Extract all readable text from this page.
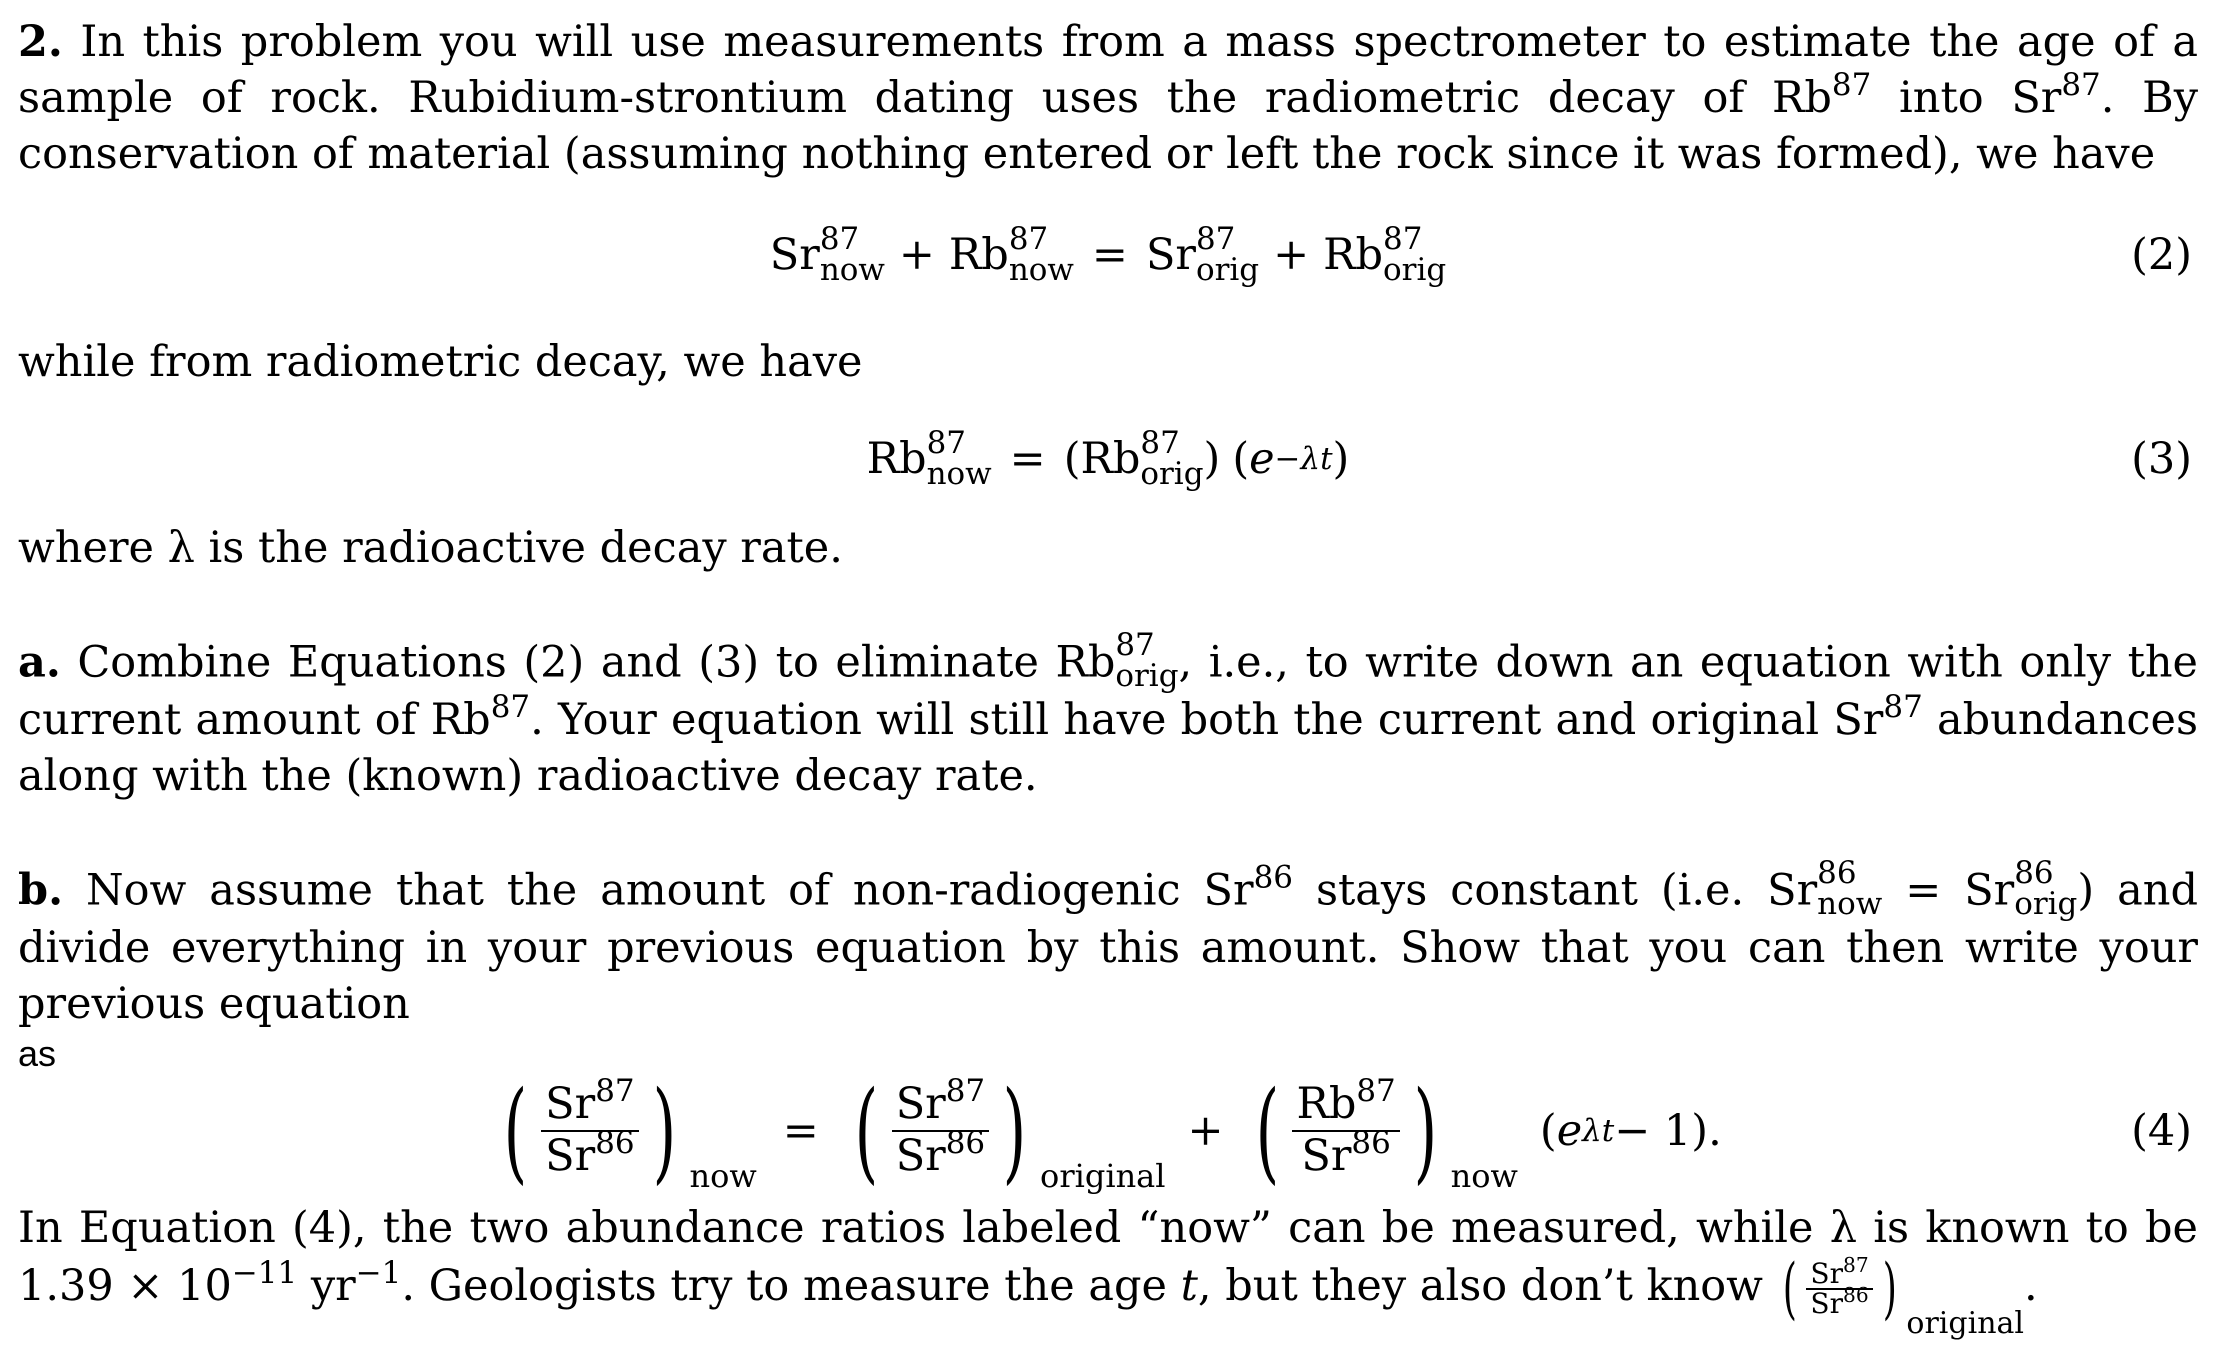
2. In this problem you will use measurements from a mass spectrometer to estimate the age of a sample of rock. Rubidium-strontium dating uses the radiometric decay of Rb$^{87}$ into Sr$^{87}$. By conservation of material (assuming nothing entered or left the rock since it was formed), we have

Sr 87
now + Rb 87
now = Sr 87
orig + Rb 87
orig	(2)

while from radiometric decay, we have

Rb 87
now = ( Rb 87
orig ) ( e −λt )	(3)

where λ is the radioactive decay rate.

a. Combine Equations (2) and (3) to eliminate Rb 87
orig , i.e., to write down an equation with only the current amount of Rb$^{87}$. Your equation will still have both the current and original Sr$^{87}$ abundances along with the (known) radioactive decay rate.

b. Now assume that the amount of non-radiogenic Sr$^{86}$ stays constant (i.e. Sr 86
now = Sr 86
orig ) and divide everything in your previous equation by this amount. Show that you can then write your previous equation

as

( $\frac{Sr^{87}}{Sr^{86}}$ ) now
= ( $\frac{Sr^{87}}{Sr^{86}}$ ) original
+ ( $\frac{Rb^{87}}{Sr^{86}}$ ) now
( e λt − 1 ) .	(4)

In Equation (4), the two abundance ratios labeled “now” can be measured, while λ is known to be $1.39 \times 10^{-11}$ $yr^{-1}$. Geologists try to measure the age t, but they also don’t know ( $\frac{Sr^{87}}{Sr^{86}}$ ) original
.
